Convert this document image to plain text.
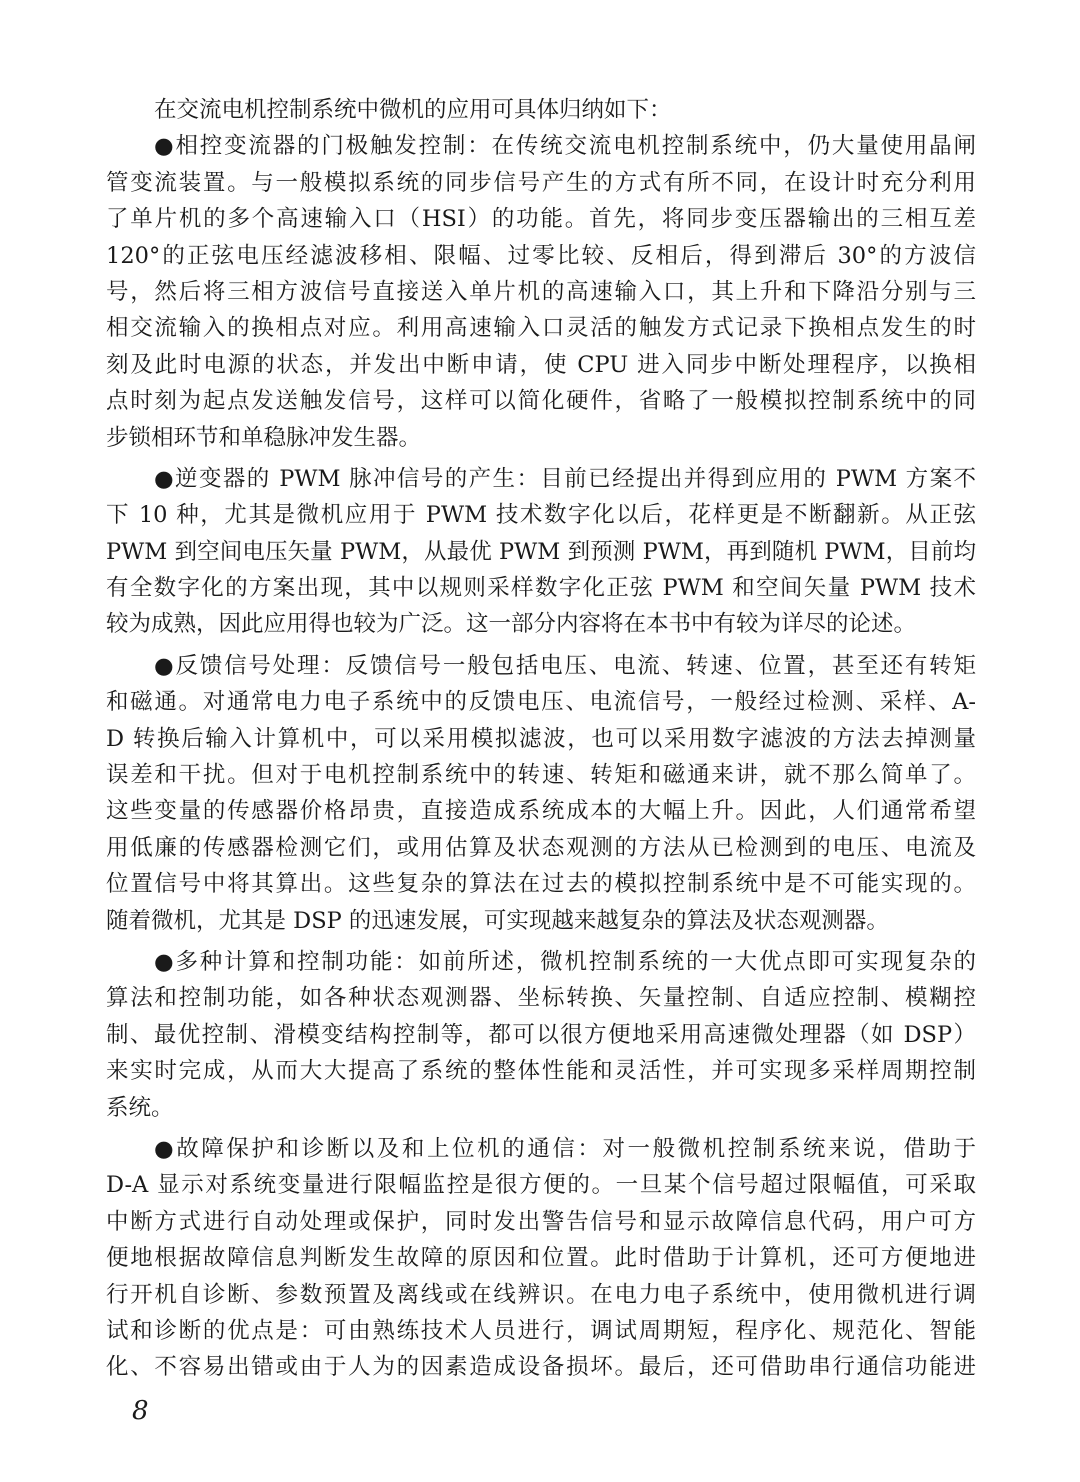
在交流电机控制系统中微机的应用可具体归纳如下：
●相控变流器的门极触发控制：在传统交流电机控制系统中，仍大量使用晶闸
管变流装置。与一般模拟系统的同步信号产生的方式有所不同，在设计时充分利用
了单片机的多个高速输入口（HSI）的功能。首先，将同步变压器输出的三相互差
120°的正弦电压经滤波移相、限幅、过零比较、反相后，得到滞后 30°的方波信
号，然后将三相方波信号直接送入单片机的高速输入口，其上升和下降沿分别与三
相交流输入的换相点对应。利用高速输入口灵活的触发方式记录下换相点发生的时
刻及此时电源的状态，并发出中断申请，使 CPU 进入同步中断处理程序，以换相
点时刻为起点发送触发信号，这样可以简化硬件，省略了一般模拟控制系统中的同
步锁相环节和单稳脉冲发生器。
●逆变器的 PWM 脉冲信号的产生：目前已经提出并得到应用的 PWM 方案不
下 10 种，尤其是微机应用于 PWM 技术数字化以后，花样更是不断翻新。从正弦
PWM 到空间电压矢量 PWM，从最优 PWM 到预测 PWM，再到随机 PWM，目前均
有全数字化的方案出现，其中以规则采样数字化正弦 PWM 和空间矢量 PWM 技术
较为成熟，因此应用得也较为广泛。这一部分内容将在本书中有较为详尽的论述。
●反馈信号处理：反馈信号一般包括电压、电流、转速、位置，甚至还有转矩
和磁通。对通常电力电子系统中的反馈电压、电流信号，一般经过检测、采样、A-
D 转换后输入计算机中，可以采用模拟滤波，也可以采用数字滤波的方法去掉测量
误差和干扰。但对于电机控制系统中的转速、转矩和磁通来讲，就不那么简单了。
这些变量的传感器价格昂贵，直接造成系统成本的大幅上升。因此，人们通常希望
用低廉的传感器检测它们，或用估算及状态观测的方法从已检测到的电压、电流及
位置信号中将其算出。这些复杂的算法在过去的模拟控制系统中是不可能实现的。
随着微机，尤其是 DSP 的迅速发展，可实现越来越复杂的算法及状态观测器。
●多种计算和控制功能：如前所述，微机控制系统的一大优点即可实现复杂的
算法和控制功能，如各种状态观测器、坐标转换、矢量控制、自适应控制、模糊控
制、最优控制、滑模变结构控制等，都可以很方便地采用高速微处理器（如 DSP）
来实时完成，从而大大提高了系统的整体性能和灵活性，并可实现多采样周期控制
系统。
●故障保护和诊断以及和上位机的通信：对一般微机控制系统来说，借助于
D-A 显示对系统变量进行限幅监控是很方便的。一旦某个信号超过限幅值，可采取
中断方式进行自动处理或保护，同时发出警告信号和显示故障信息代码，用户可方
便地根据故障信息判断发生故障的原因和位置。此时借助于计算机，还可方便地进
行开机自诊断、参数预置及离线或在线辨识。在电力电子系统中，使用微机进行调
试和诊断的优点是：可由熟练技术人员进行，调试周期短，程序化、规范化、智能
化、不容易出错或由于人为的因素造成设备损坏。最后，还可借助串行通信功能进
8
